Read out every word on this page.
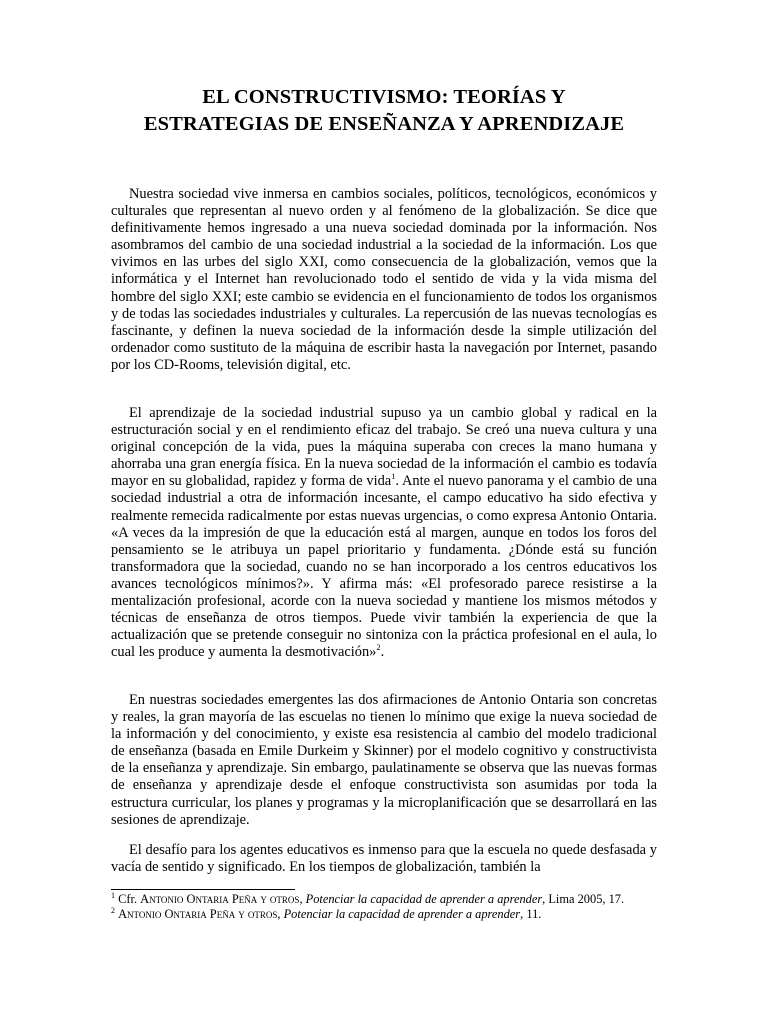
EL CONSTRUCTIVISMO: TEORÍAS Y
ESTRATEGIAS DE ENSEÑANZA Y APRENDIZAJE

Nuestra sociedad vive inmersa en cambios sociales, políticos, tecnológicos, económicos y culturales que representan al nuevo orden y al fenómeno de la globalización. Se dice que definitivamente hemos ingresado a una nueva sociedad dominada por la información. Nos asombramos del cambio de una sociedad industrial a la sociedad de la información. Los que vivimos en las urbes del siglo XXI, como consecuencia de la globalización, vemos que la informática y el Internet han revolucionado todo el sentido de vida y la vida misma del hombre del siglo XXI; este cambio se evidencia en el funcionamiento de todos los organismos y de todas las sociedades industriales y culturales. La repercusión de las nuevas tecnologías es fascinante, y definen la nueva sociedad de la información desde la simple utilización del ordenador como sustituto de la máquina de escribir hasta la navegación por Internet, pasando por los CD-Rooms, televisión digital, etc.

El aprendizaje de la sociedad industrial supuso ya un cambio global y radical en la estructuración social y en el rendimiento eficaz del trabajo. Se creó una nueva cultura y una original concepción de la vida, pues la máquina superaba con creces la mano humana y ahorraba una gran energía física. En la nueva sociedad de la información el cambio es todavía mayor en su globalidad, rapidez y forma de vida$^1$. Ante el nuevo panorama y el cambio de una sociedad industrial a otra de información incesante, el campo educativo ha sido efectiva y realmente remecida radicalmente por estas nuevas urgencias, o como expresa Antonio Ontaria. «A veces da la impresión de que la educación está al margen, aunque en todos los foros del pensamiento se le atribuya un papel prioritario y fundamenta. ¿Dónde está su función transformadora que la sociedad, cuando no se han incorporado a los centros educativos los avances tecnológicos mínimos?». Y afirma más: «El profesorado parece resistirse a la mentalización profesional, acorde con la nueva sociedad y mantiene los mismos métodos y técnicas de enseñanza de otros tiempos. Puede vivir también la experiencia de que la actualización que se pretende conseguir no sintoniza con la práctica profesional en el aula, lo cual les produce y aumenta la desmotivación»$^2$.

En nuestras sociedades emergentes las dos afirmaciones de Antonio Ontaria son concretas y reales, la gran mayoría de las escuelas no tienen lo mínimo que exige la nueva sociedad de la información y del conocimiento, y existe esa resistencia al cambio del modelo tradicional de enseñanza (basada en Emile Durkeim y Skinner) por el modelo cognitivo y constructivista de la enseñanza y aprendizaje. Sin embargo, paulatinamente se observa que las nuevas formas de enseñanza y aprendizaje desde el enfoque constructivista son asumidas por toda la estructura curricular, los planes y programas y la microplanificación que se desarrollará en las sesiones de aprendizaje.

El desafío para los agentes educativos es inmenso para que la escuela no quede desfasada y vacía de sentido y significado. En los tiempos de globalización, también la

$^1$ Cfr. Antonio Ontaria Peña y otros, Potenciar la capacidad de aprender a aprender, Lima 2005, 17.

$^2$ Antonio Ontaria Peña y otros, Potenciar la capacidad de aprender a aprender, 11.
